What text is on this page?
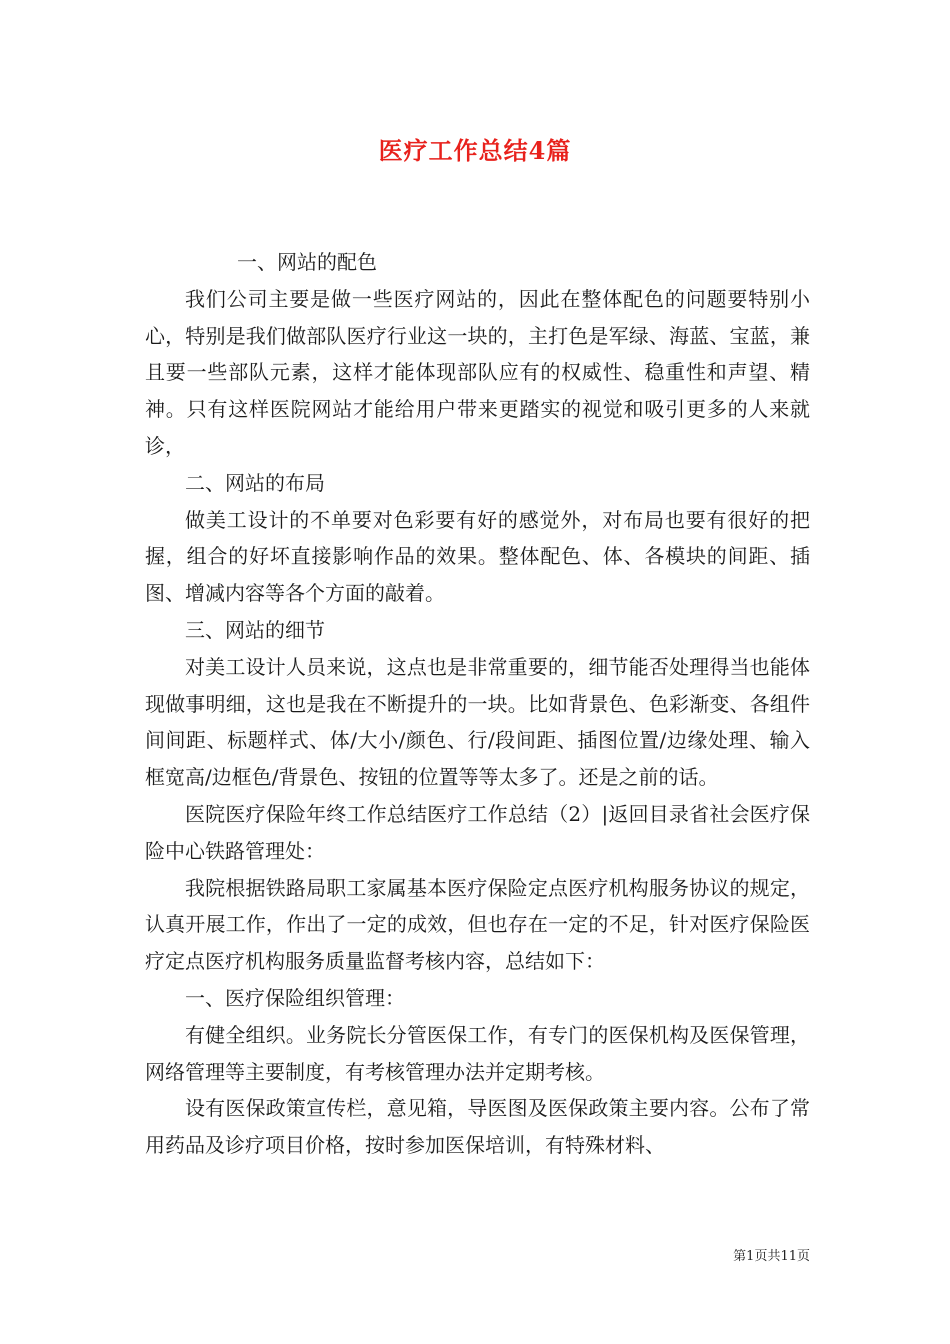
医疗工作总结4篇

一、网站的配色

我们公司主要是做一些医疗网站的，因此在整体配色的问题要特别小心，特别是我们做部队医疗行业这一块的，主打色是军绿、海蓝、宝蓝，兼且要一些部队元素，这样才能体现部队应有的权威性、稳重性和声望、精神。只有这样医院网站才能给用户带来更踏实的视觉和吸引更多的人来就诊，

二、网站的布局

做美工设计的不单要对色彩要有好的感觉外，对布局也要有很好的把握，组合的好坏直接影响作品的效果。整体配色、体、各模块的间距、插图、增减内容等各个方面的敲着。

三、网站的细节

对美工设计人员来说，这点也是非常重要的，细节能否处理得当也能体现做事明细，这也是我在不断提升的一块。比如背景色、色彩渐变、各组件间间距、标题样式、体/大小/颜色、行/段间距、插图位置/边缘处理、输入框宽高/边框色/背景色、按钮的位置等等太多了。还是之前的话。

医院医疗保险年终工作总结医疗工作总结（2）|返回目录省社会医疗保险中心铁路管理处：

我院根据铁路局职工家属基本医疗保险定点医疗机构服务协议的规定，认真开展工作，作出了一定的成效，但也存在一定的不足，针对医疗保险医疗定点医疗机构服务质量监督考核内容，总结如下：

一、医疗保险组织管理：

有健全组织。业务院长分管医保工作，有专门的医保机构及医保管理，网络管理等主要制度，有考核管理办法并定期考核。

设有医保政策宣传栏，意见箱，导医图及医保政策主要内容。公布了常用药品及诊疗项目价格，按时参加医保培训，有特殊材料、

第1页共11页
